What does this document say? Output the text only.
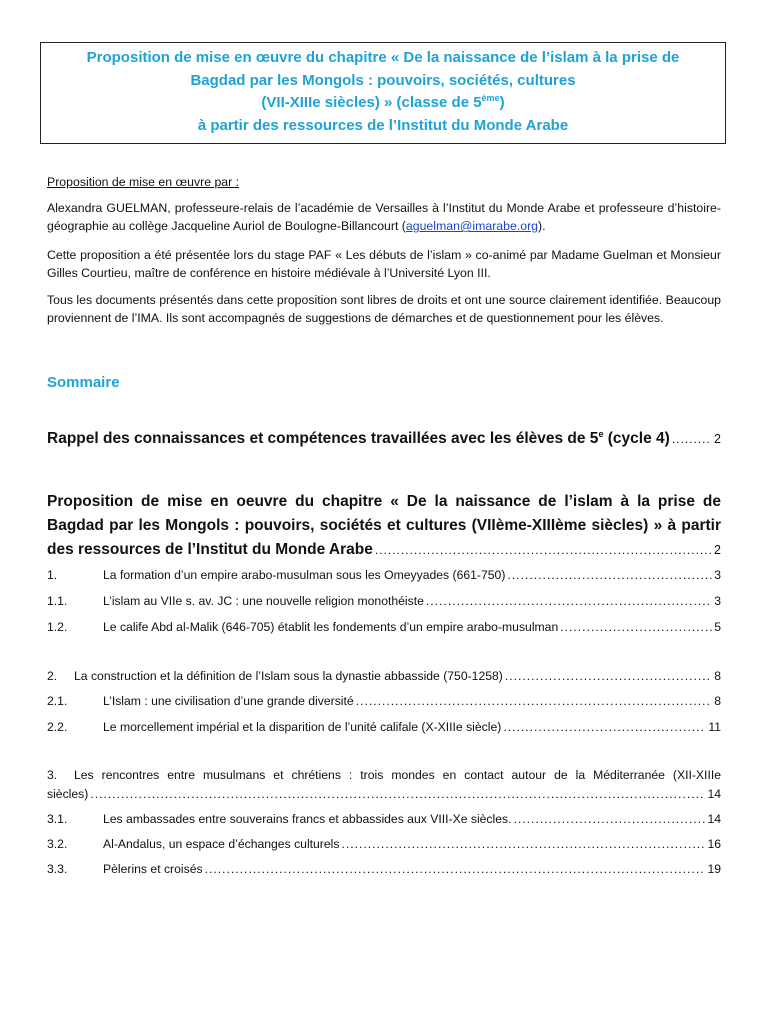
Proposition de mise en œuvre du chapitre « De la naissance de l’islam à la prise de
Bagdad par les Mongols : pouvoirs, sociétés, cultures
(VII-XIIIe siècles) » (classe de 5ème)
à partir des ressources de l’Institut du Monde Arabe
Proposition de mise en œuvre par :
Alexandra GUELMAN, professeure-relais de l’académie de Versailles à l’Institut du Monde Arabe et professeure d’histoire-géographie au collège Jacqueline Auriol de Boulogne-Billancourt (aguelman@imarabe.org).
Cette proposition a été présentée lors du stage PAF « Les débuts de l’islam » co-animé par Madame Guelman et Monsieur Gilles Courtieu, maître de conférence en histoire médiévale à l’Université Lyon III.
Tous les documents présentés dans cette proposition sont libres de droits et ont une source clairement identifiée. Beaucoup proviennent de l’IMA. Ils sont accompagnés de suggestions de démarches et de questionnement pour les élèves.
Sommaire
Rappel des connaissances et compétences travaillées avec les élèves de 5e (cycle 4) .....	2
Proposition de mise en oeuvre du chapitre « De la naissance de l’islam à la prise de
Bagdad par les Mongols : pouvoirs, sociétés et cultures (VIIème-XIIIème siècles) » à partir
des ressources de l’Institut du Monde Arabe .....	2
1.	La formation d’un empire arabo-musulman sous les Omeyyades (661-750) .....	3
1.1.	L’islam au VIIe s. av. JC : une nouvelle religion monothéiste .....	3
1.2.	Le calife Abd al-Malik (646-705) établit les fondements d’un empire arabo-musulman .....	5
2.	La construction et la définition de l’Islam sous la dynastie abbasside (750-1258) .....	8
2.1.	L’Islam : une civilisation d’une grande diversité .....	8
2.2.	Le morcellement impérial et la disparition de l’unité califale (X-XIIIe siècle) .....	11
3.	Les rencontres entre musulmans et chrétiens : trois mondes en contact autour de la Méditerranée (XII-XIIIe
siècles) .....	14
3.1.	Les ambassades entre souverains francs et abbassides aux VIII-Xe siècles. .....	14
3.2.	Al-Andalus, un espace d’échanges culturels .....	16
3.3.	Pèlerins et croisés .....	19
